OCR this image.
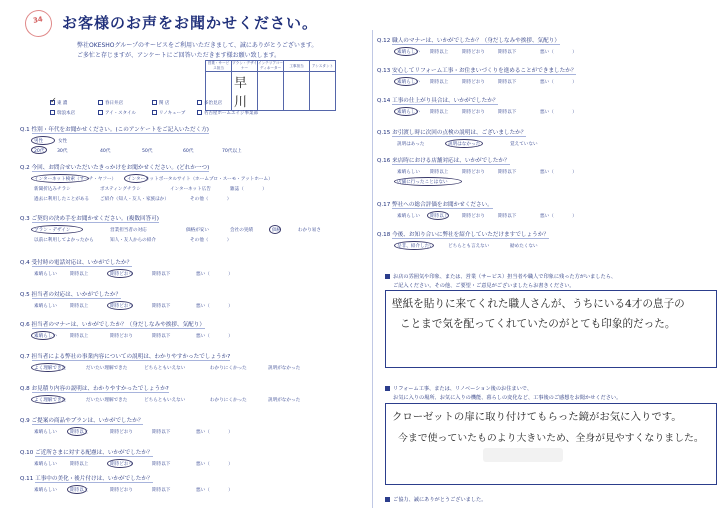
34	お客様のお声をお聞かせください。
弊社OKESHOグループのサービスをご利用いただきまして、誠にありがとうございます。
ご多忙と存じますが、アンケートにご回答いただきます様お願い致します。
営業・サービス担当	プラン・デザイナー	インテリアコーディネーター	工事担当	アシスタント
	早川			
✓東 濃	春日井店	関 店	多治見店
瑞浪本店	アイ・スタイル	リノキューブ	名古屋ホームエイジ事業部
Q.1 性別・年代をお聞かせください。(このアンケートをご記入いただく方)
男性	女性
20代	30代	40代	50代	60代	70代以上
Q.2 今回、お問合せいただいたきっかけをお聞かせください。(どれか一つ)
インターネット検索（サーチ・ヤフー） インターネットポータルサイト（ホームプロ・スーモ・アットホーム）
新聞折込みチラシ	ポスティングチラシ	インターネット広告	雑誌（　　　　）
過去に利用したことがある ご紹介（知人・友人・家族ほか）	その他（　　　　）
Q.3 ご契約の決め手をお聞かせください。(複数回答可)
プラン・デザイン	営業担当者の対応	価格が安い	会社の実績	価格	わかり易さ
以前に利用してよかったから	知人・友人からの紹介	その他（　　　　）
Q.4 受付時の電話対応は、いかがでしたか？
素晴らしい	期待以上	期待どおり	期待以下	悪い（　　　　）
Q.5 担当者の対応は、いかがでしたか？
素晴らしい	期待以上	期待どおり	期待以下	悪い（　　　　）
Q.6 担当者のマナーは、いかがでしたか？（身だしなみや挨拶、気配り）
素晴らしい	期待以上	期待どおり	期待以下	悪い（　　　　）
Q.7 担当者による弊社の事業内容についての説明は、わかりやすかったでしょうか?
よく理解できた	だいたい理解できた	どちらともいえない	わかりにくかった	説明がなかった
Q.8 お見積り内容の説明は、わかりやすかったでしょうか?
よく理解できた	だいたい理解できた	どちらともいえない	わかりにくかった	説明がなかった
Q.9 ご提案の商品やプランは、いかがでしたか？
素晴らしい	期待以上	期待どおり	期待以下	悪い（　　　　）
Q.10 ご近所さまに対する配慮は、いかがでしたか？
素晴らしい	期待以上	期待どおり	期待以下	悪い（　　　　）
Q.11 工事中の美化・後片付けは、いかがでしたか？
素晴らしい	期待以上	期待どおり	期待以下	悪い（　　　　）
Q.12 職人のマナーは、いかがでしたか？（身だしなみや挨拶、気配り）
素晴らしい 期待以上	期待どおり	期待以下	悪い（　　　　）
Q.13 安心してリフォーム工事・お住まいづくりを進めることができましたか？
素晴らしい 期待以上	期待どおり	期待以下	悪い（　　　　）
Q.14 工事の仕上がり具合は、いかがでしたか？
素晴らしい 期待以上	期待どおり	期待以下	悪い（　　　　）
Q.15 お引渡し時に次回の点検の説明は、ございましたか？
説明はあった	説明はなかった	覚えていない
Q.16 来店時における店舗対応は、いかがでしたか？
素晴らしい 期待以上	期待どおり	期待以下	悪い（　　　　）
店舗に行ったことはない
Q.17 弊社への総合評価をお聞かせください。
素晴らしい 期待以上	期待どおり	期待以下	悪い（　　　　）
Q.18 今後、お知り合いに弊社を紹介していただけますでしょうか？
是非、紹介したい	どちらとも言えない	勧めたくない
お店の雰囲気や印象、または、営業（サービス）担当者や職人で印象に残った方がいましたら、
ご記入ください。その他、ご要望・ご意見がございましたらお書きください。
壁紙を貼りに来てくれた職人さんが、うちにいる4才の息子の
ことまで気を配ってくれていたのがとても印象的だった。
リフォーム工事、または、リノベーション後のお住まいで、
お気に入りの場所、お気に入りの機能、暮らしの変化など、工事後のご感想をお聞かせください。
クローゼットの扉に取り付けてもらった鏡がお気に入りです。
今まで使っていたものより大きいため、全身が見やすくなりました。
ご協力、誠にありがとうございました。
